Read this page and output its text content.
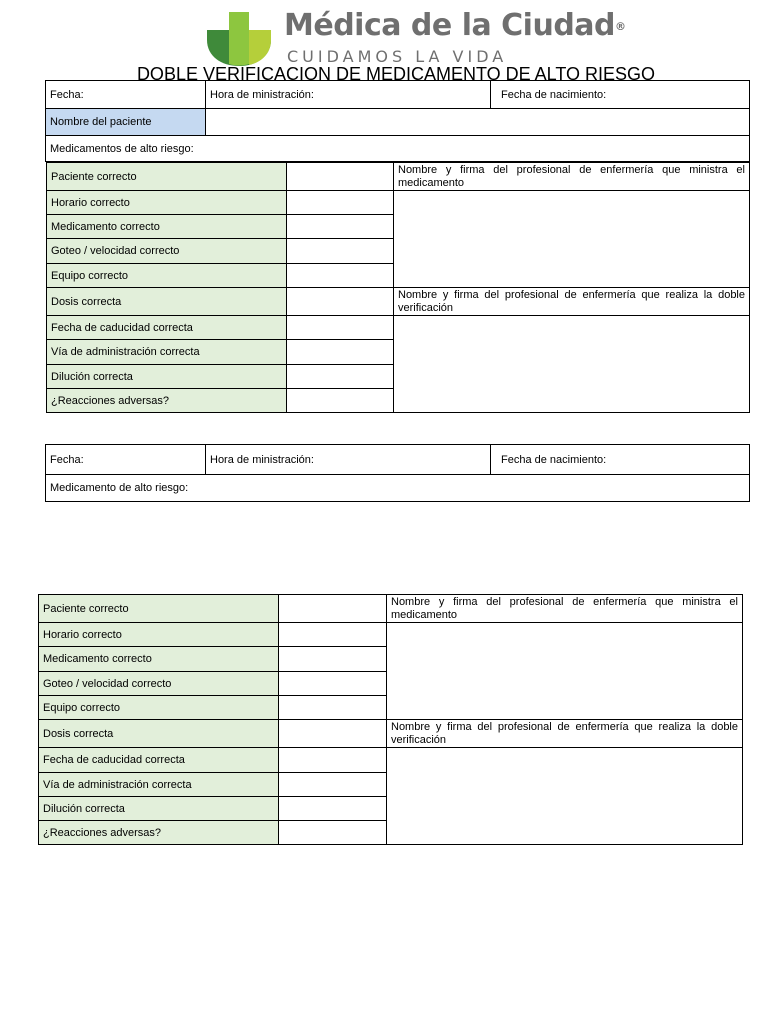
Médica de la Ciudad®
CUIDAMOS LA VIDA
DOBLE VERIFICACION DE MEDICAMENTO DE ALTO RIESGO
Fecha:	Hora de ministración:	Fecha de nacimiento:
Nombre del paciente		
Medicamentos de alto riesgo:		
Paciente correcto		Nombre y firma del profesional de enfermería que ministra el medicamento
Horario correcto		
Medicamento correcto		
Goteo / velocidad correcto		
Equipo correcto		
Dosis correcta		Nombre y firma del profesional de enfermería que realiza la doble verificación
Fecha de caducidad correcta		
Vía de administración correcta		
Dilución correcta		
¿Reacciones adversas?		
Fecha:	Hora de ministración:	Fecha de nacimiento:
Medicamento de alto riesgo:
Paciente correcto		Nombre y firma del profesional de enfermería que ministra el medicamento
Horario correcto		
Medicamento correcto		
Goteo / velocidad correcto		
Equipo correcto		
Dosis correcta		Nombre y firma del profesional de enfermería que realiza la doble verificación
Fecha de caducidad correcta		
Vía de administración correcta		
Dilución correcta		
¿Reacciones adversas?		
